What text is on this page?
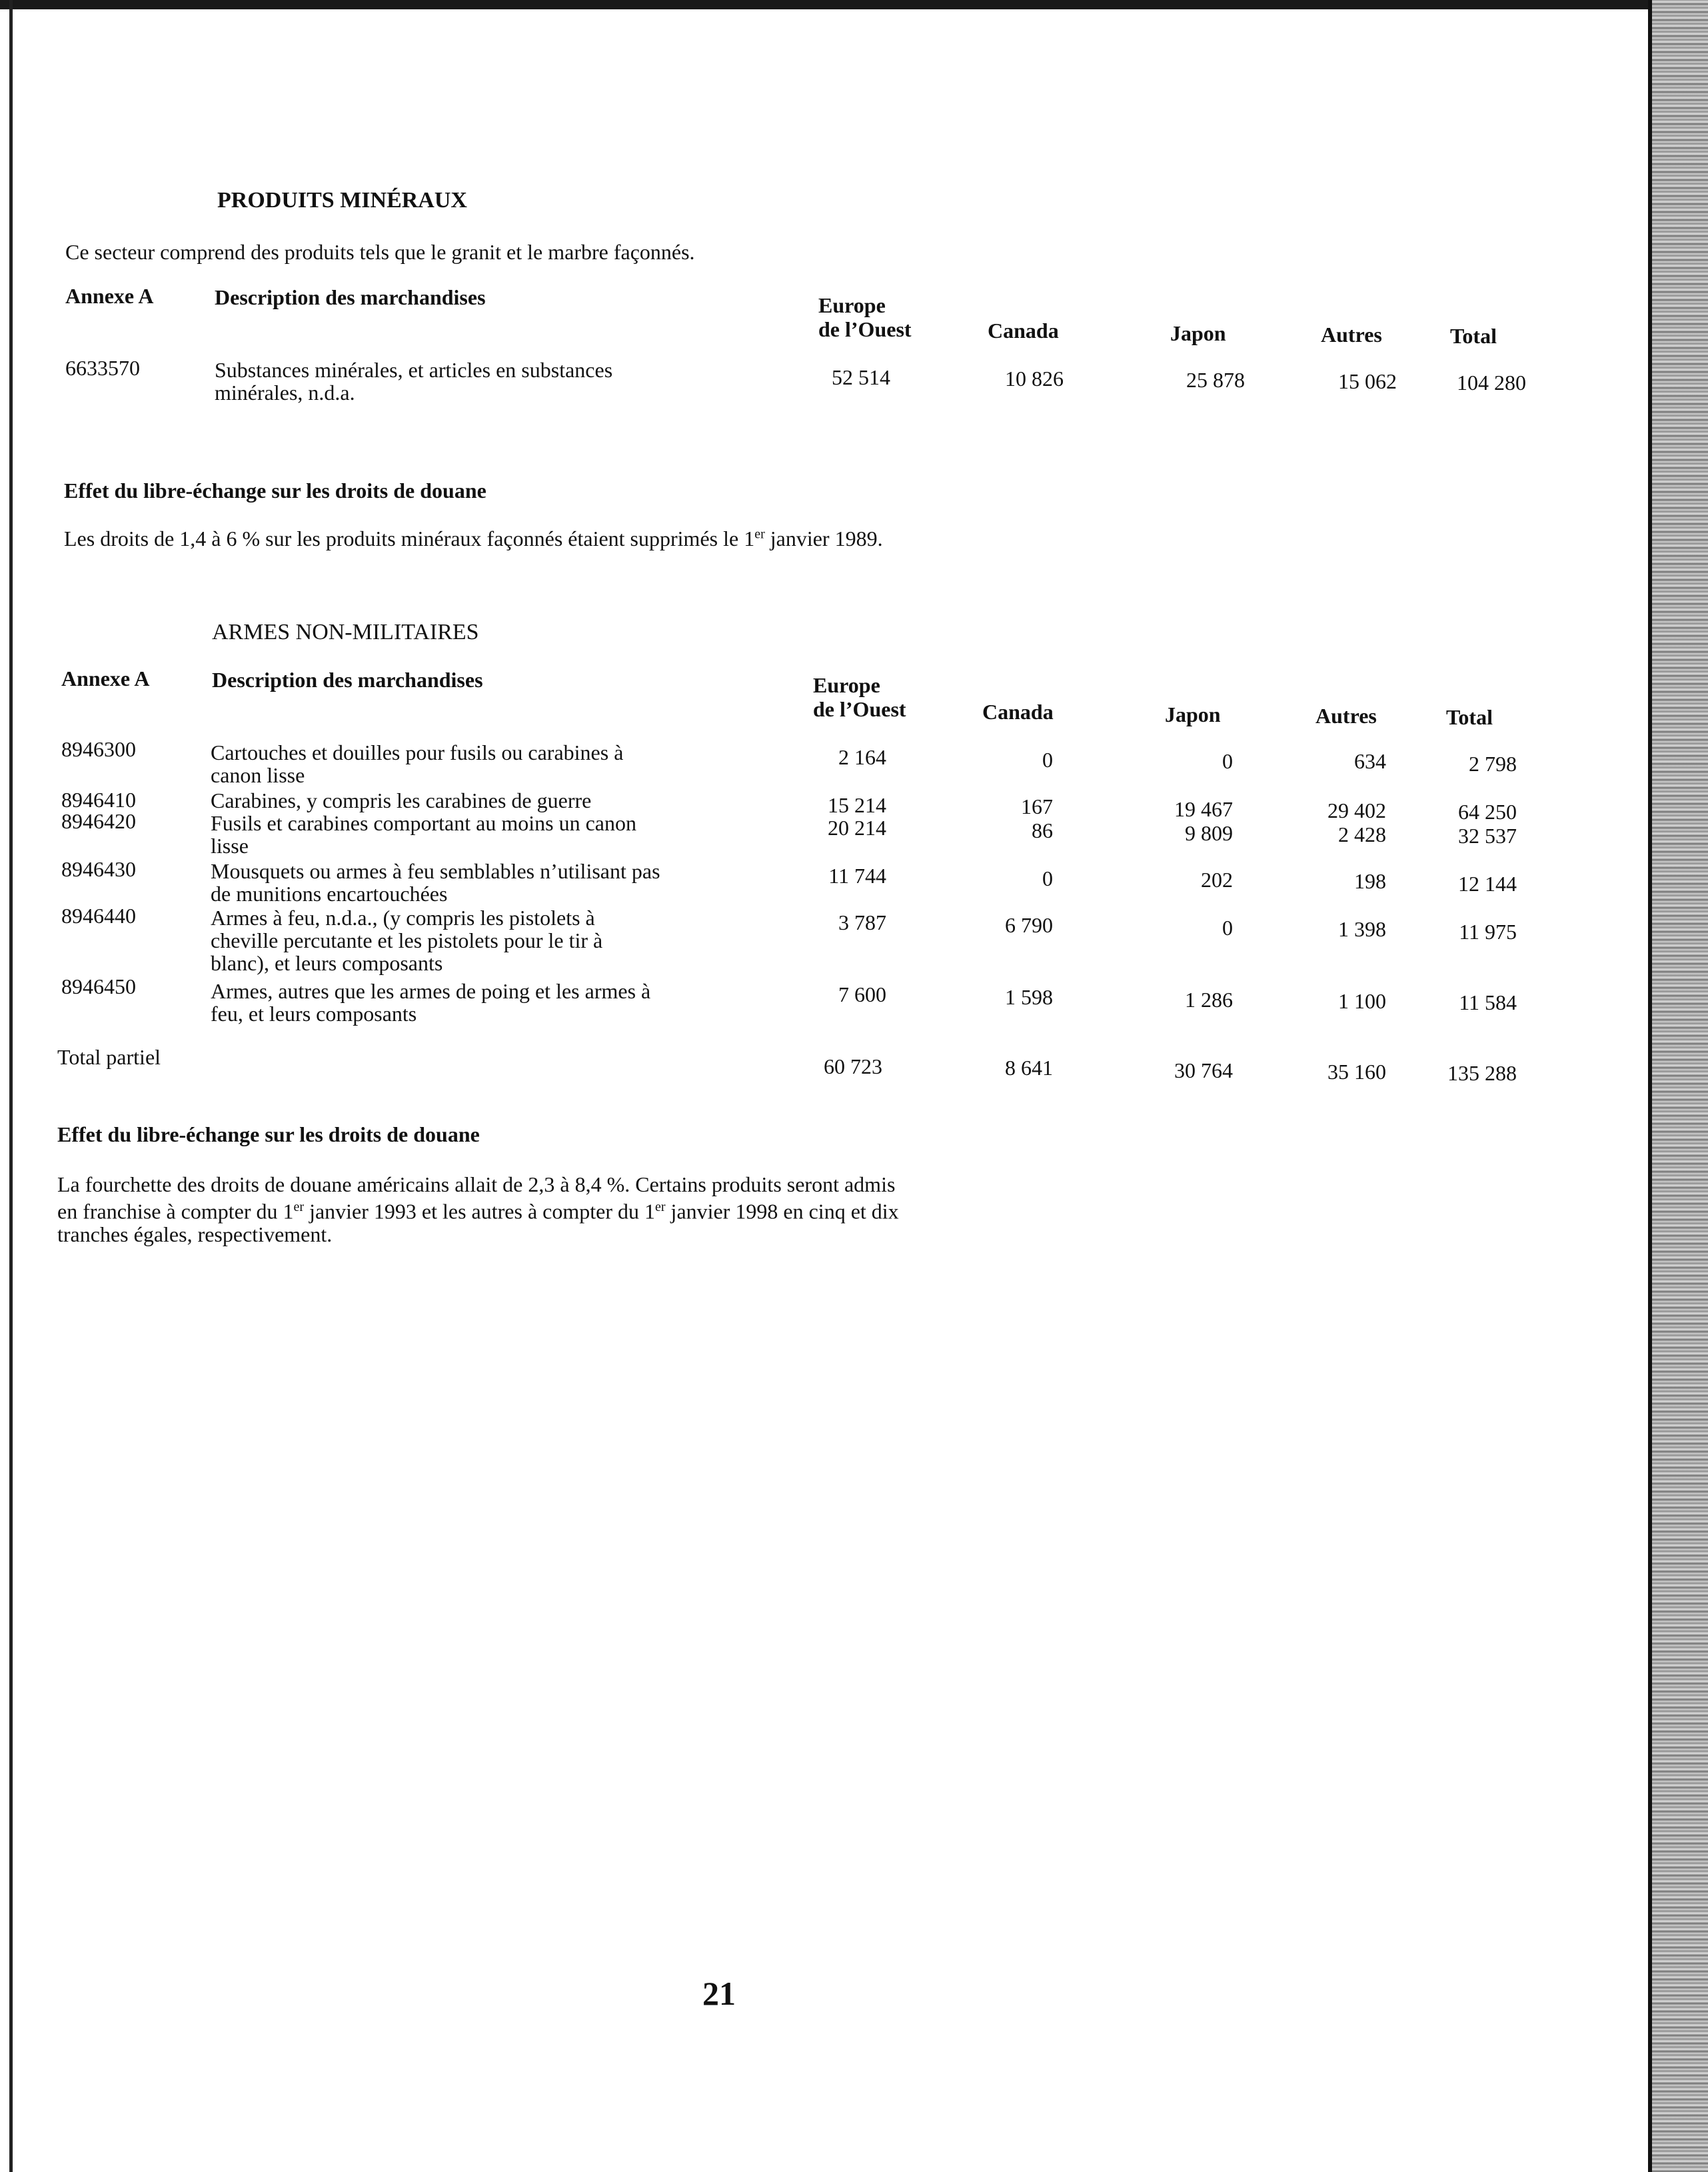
PRODUITS MINÉRAUX
Ce secteur comprend des produits tels que le granit et le marbre façonnés.
Annexe A	Description des marchandises	Europe
de l’Ouest	Canada	Japon	Autres	Total
6633570	Substances minérales, et articles en substances
minérales, n.d.a.
52 514	10 826	25 878	15 062	104 280
Effet du libre-échange sur les droits de douane
Les droits de 1,4 à 6 % sur les produits minéraux façonnés étaient supprimés le 1er janvier 1989.
ARMES NON-MILITAIRES
Annexe A	Description des marchandises	Europe
de l’Ouest	Canada	Japon	Autres	Total
8946300	Cartouches et douilles pour fusils ou carabines à
canon lisse
2 164	0	0	634	2 798
8946410	Carabines, y compris les carabines de guerre	15 214	167	19 467	29 402	64 250
8946420	Fusils et carabines comportant au moins un canon
lisse
20 214	86	9 809	2 428	32 537
8946430	Mousquets ou armes à feu semblables n’utilisant pas
de munitions encartouchées
11 744	0	202	198	12 144
8946440	Armes à feu, n.d.a., (y compris les pistolets à
cheville percutante et les pistolets pour le tir à
blanc), et leurs composants
3 787	6 790	0	1 398	11 975
8946450	Armes, autres que les armes de poing et les armes à
feu, et leurs composants
7 600	1 598	1 286	1 100	11 584
Total partiel	60 723	8 641	30 764	35 160	135 288
Effet du libre-échange sur les droits de douane
La fourchette des droits de douane américains allait de 2,3 à 8,4 %. Certains produits seront admis
en franchise à compter du 1er janvier 1993 et les autres à compter du 1er janvier 1998 en cinq et dix
tranches égales, respectivement.
21
